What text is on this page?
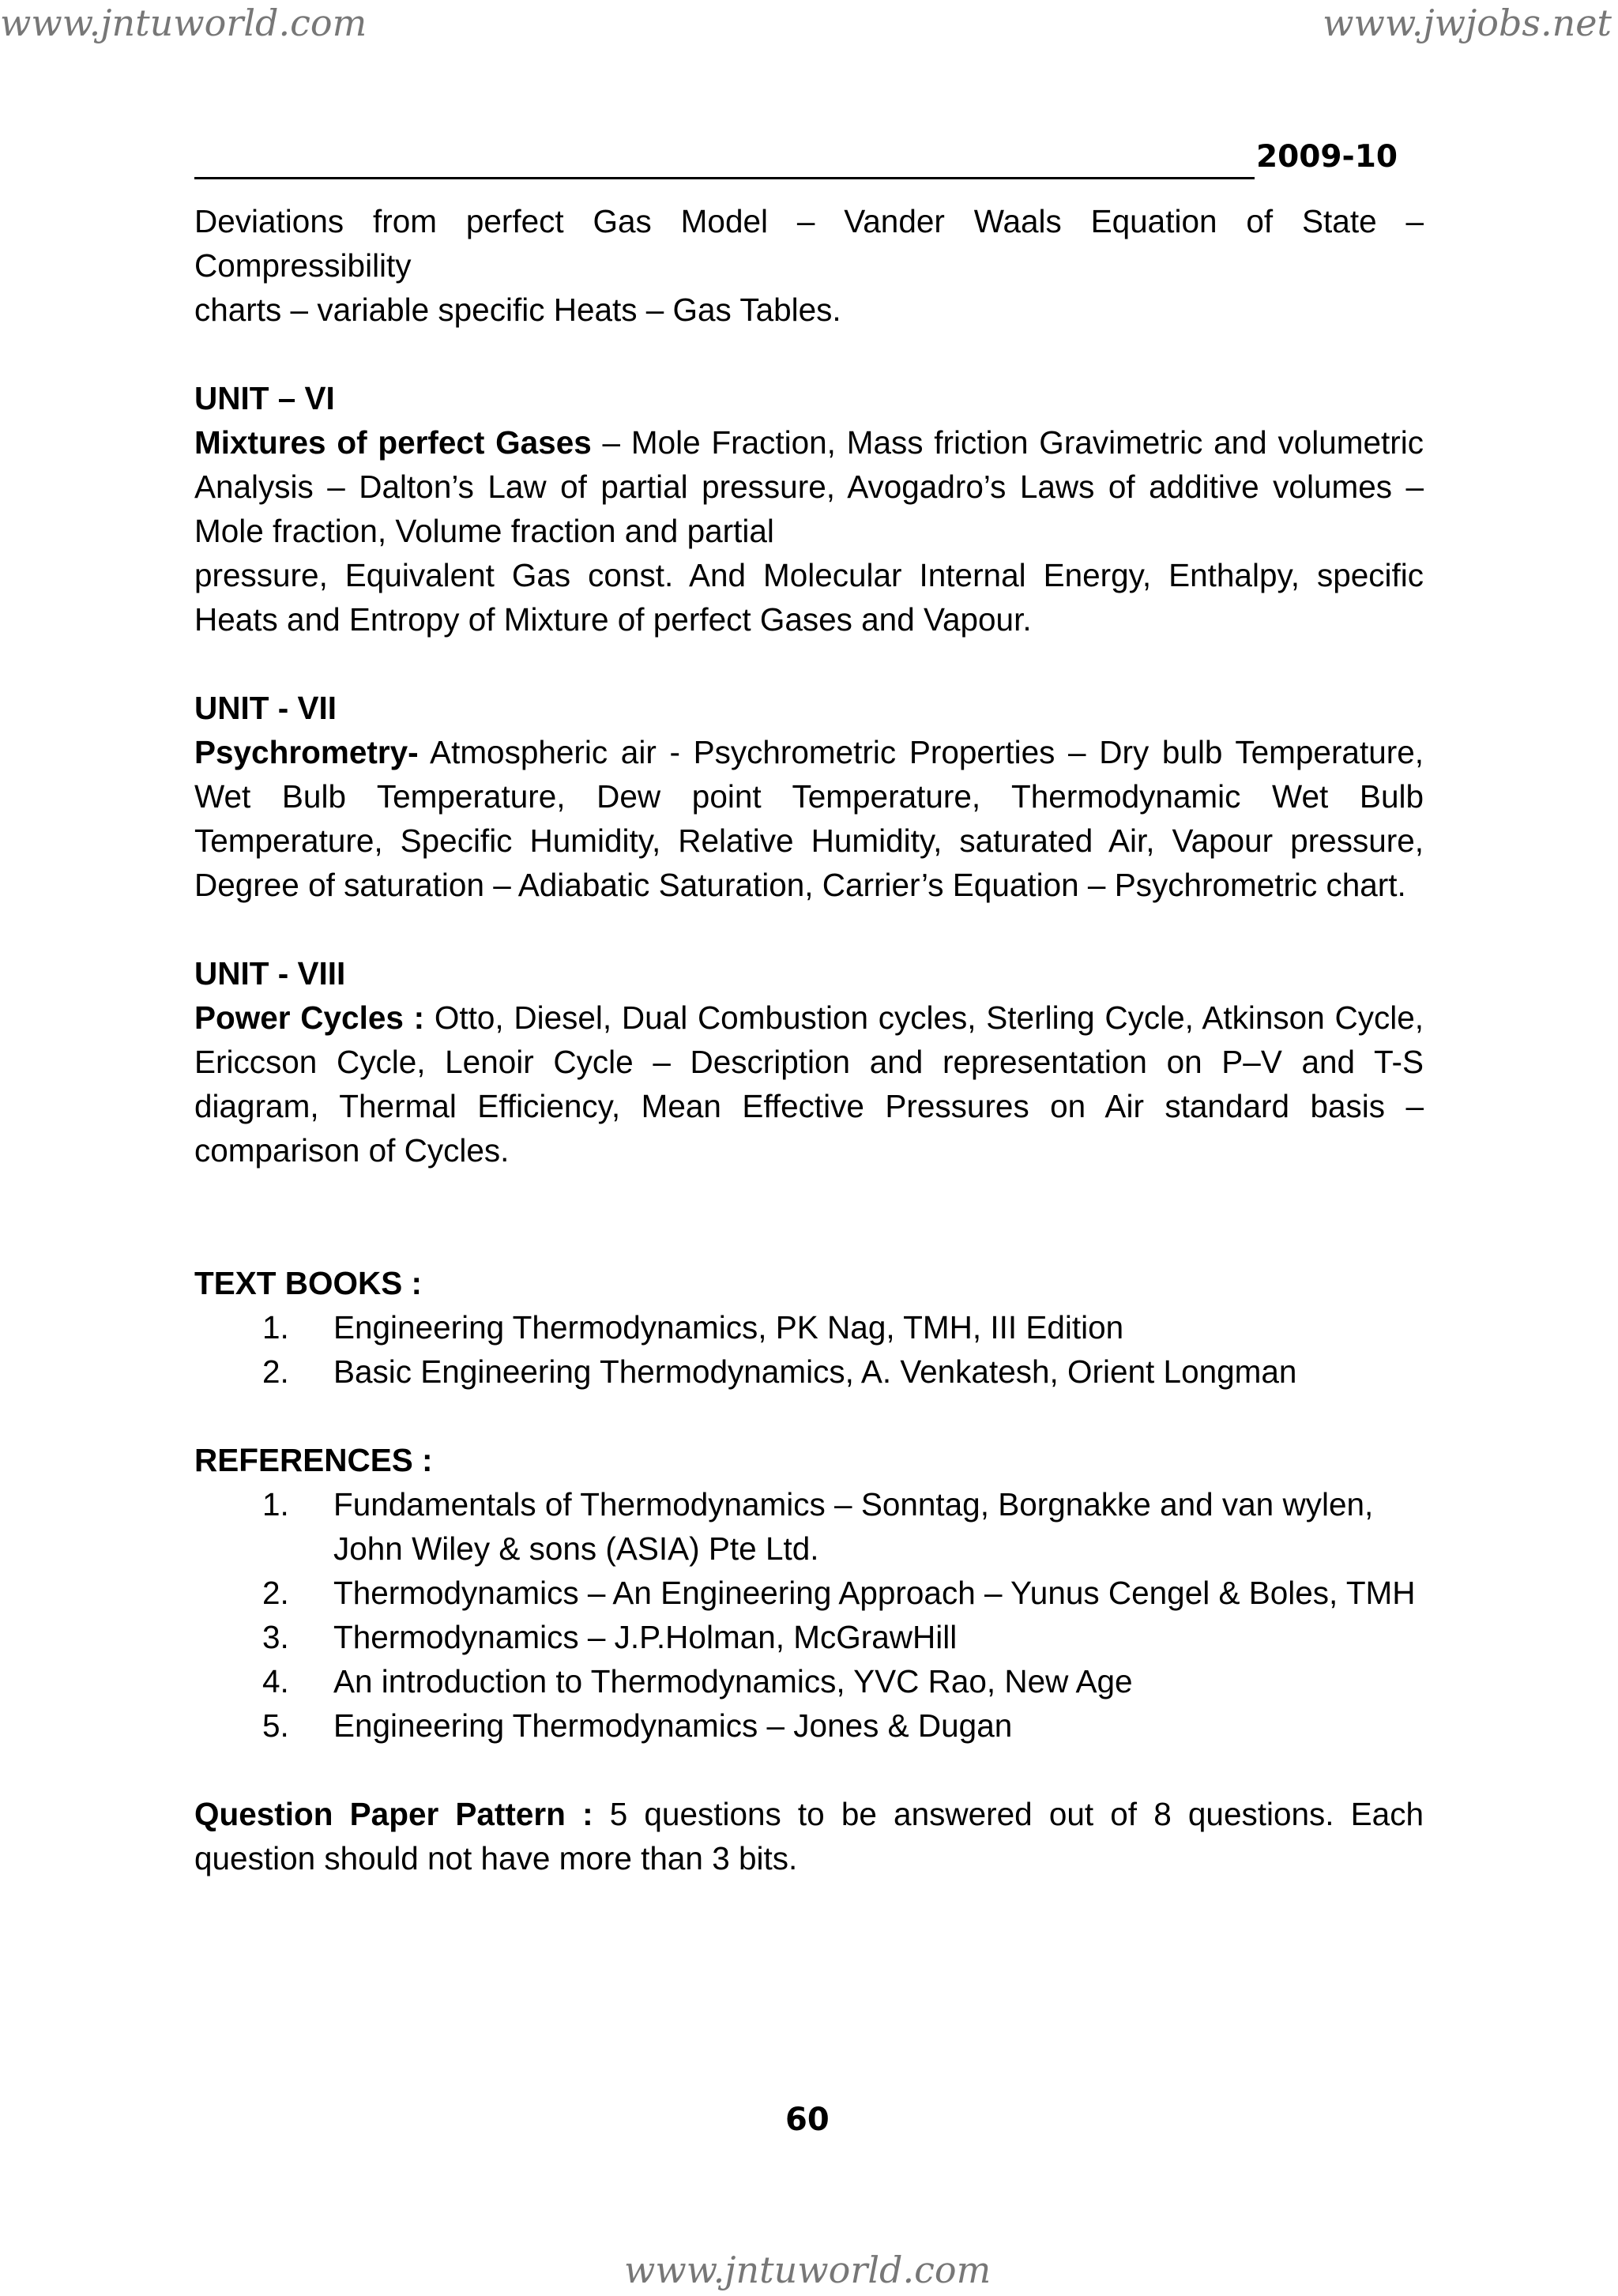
www.jntuworld.com	www.jwjobs.net
2009-10

Deviations from perfect Gas Model – Vander Waals Equation of State – Compressibility

charts – variable specific Heats – Gas Tables.

UNIT – VI

Mixtures of perfect Gases – Mole Fraction, Mass friction Gravimetric and volumetric Analysis – Dalton’s Law of partial pressure, Avogadro’s Laws of additive volumes – Mole fraction, Volume fraction and partial

pressure, Equivalent Gas const. And Molecular Internal Energy, Enthalpy, specific Heats and Entropy of Mixture of perfect Gases and Vapour.

UNIT - VII

Psychrometry- Atmospheric air - Psychrometric Properties – Dry bulb Temperature, Wet Bulb Temperature, Dew point Temperature, Thermodynamic Wet Bulb Temperature, Specific Humidity, Relative Humidity, saturated Air, Vapour pressure, Degree of saturation – Adiabatic Saturation, Carrier’s Equation – Psychrometric chart.

UNIT - VIII

Power Cycles : Otto, Diesel, Dual Combustion cycles, Sterling Cycle, Atkinson Cycle, Ericcson Cycle, Lenoir Cycle – Description and representation on P–V and T-S diagram, Thermal Efficiency, Mean Effective Pressures on Air standard basis – comparison of Cycles.

TEXT BOOKS :

1. Engineering Thermodynamics, PK Nag, TMH, III Edition
2. Basic Engineering Thermodynamics, A. Venkatesh, Orient Longman

REFERENCES :

1. Fundamentals of Thermodynamics – Sonntag, Borgnakke and van wylen,
John Wiley & sons (ASIA) Pte Ltd.
2. Thermodynamics – An Engineering Approach – Yunus Cengel & Boles, TMH
3. Thermodynamics – J.P.Holman, McGrawHill
4. An introduction to Thermodynamics, YVC Rao, New Age
5. Engineering Thermodynamics – Jones & Dugan

Question Paper Pattern : 5 questions to be answered out of 8 questions. Each question should not have more than 3 bits.

60
www.jntuworld.com
